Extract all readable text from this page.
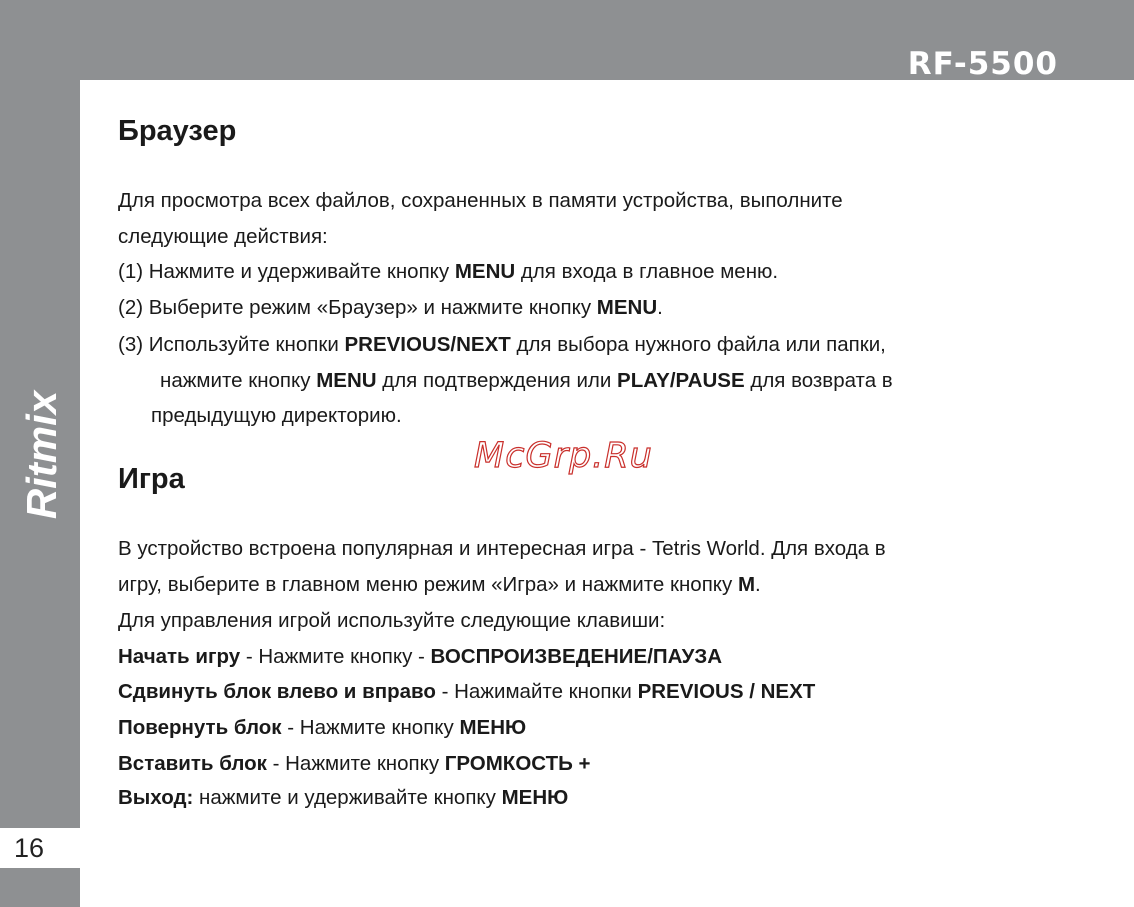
RF-5500
Ritmix
16
Браузер

Для просмотра всех файлов, сохраненных в памяти устройства, выполните

следующие действия:

(1) Нажмите и удерживайте кнопку MENU для входа в главное меню.

(2) Выберите режим «Браузер» и нажмите кнопку MENU.

(3) Используйте кнопки PREVIOUS/NEXT для выбора нужного файла или папки,

нажмите кнопку MENU для подтверждения или PLAY/PAUSE для возврата в

предыдущую директорию.

McGrp.Ru
Игра

В устройство встроена популярная и интересная игра - Tetris World. Для входа в

игру, выберите в главном меню режим «Игра» и нажмите кнопку M.

Для управления игрой используйте следующие клавиши:

Начать игру - Нажмите кнопку - ВОСПРОИЗВЕДЕНИЕ/ПАУЗА

Сдвинуть блок влево и вправо - Нажимайте кнопки PREVIOUS / NEXT

Повернуть блок - Нажмите кнопку МЕНЮ

Вставить блок - Нажмите кнопку ГРОМКОСТЬ +

Выход: нажмите и удерживайте кнопку МЕНЮ
